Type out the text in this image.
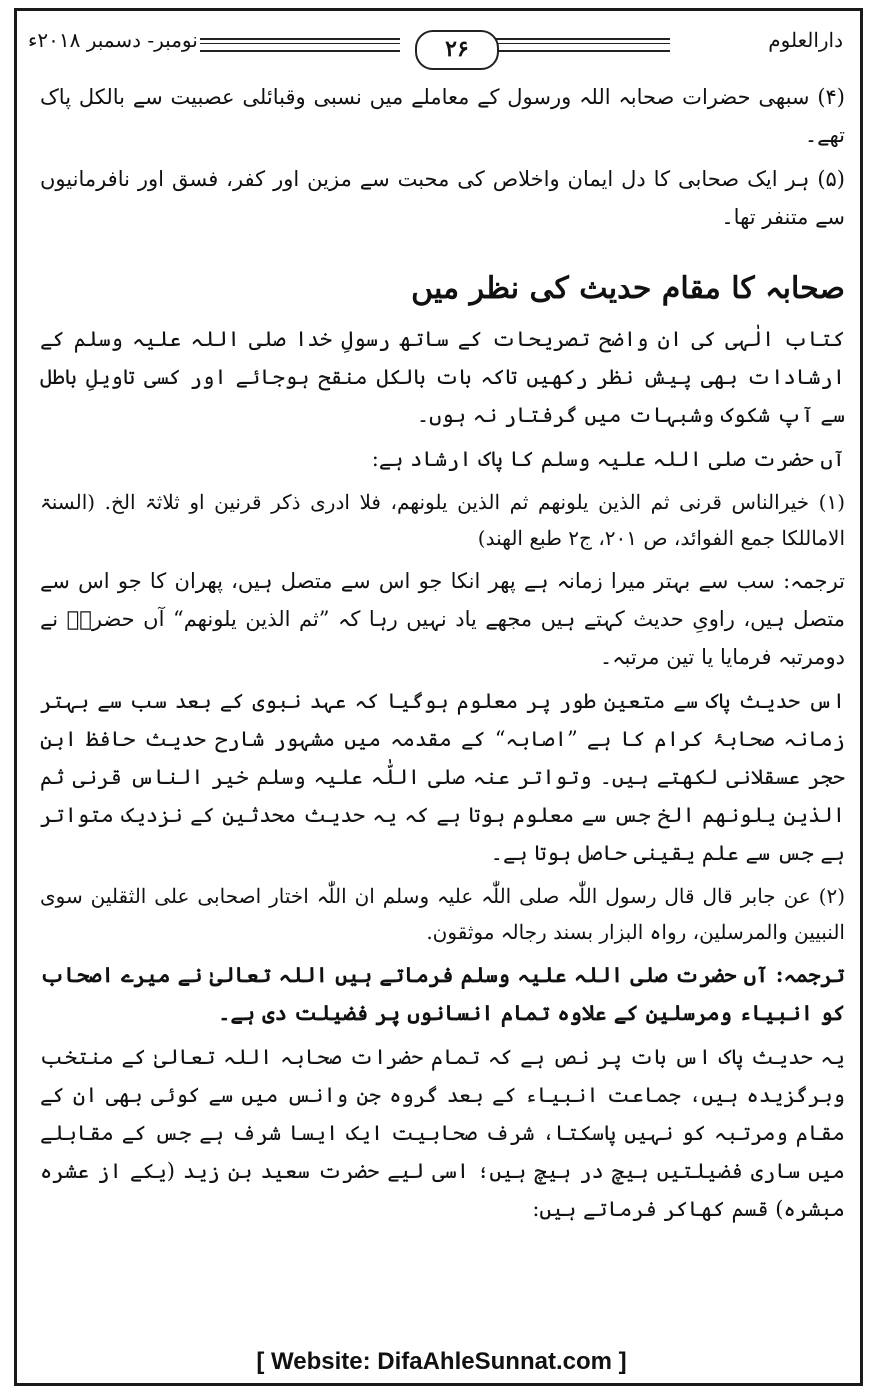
دارالعلوم
۲۶
نومبر- دسمبر ۲۰۱۸ء

(۴) سبھی حضرات صحابہ اللہ ورسول کے معاملے میں نسبی وقبائلی عصبیت سے بالکل پاک تھے۔

(۵) ہر ایک صحابی کا دل ایمان واخلاص کی محبت سے مزین اور کفر، فسق اور نافرمانیوں سے متنفر تھا۔

صحابہ کا مقام حدیث کی نظر میں

کتاب الٰہی کی ان واضح تصریحات کے ساتھ رسولِ خدا صلی اللہ علیہ وسلم کے ارشادات بھی پیش نظر رکھیں تاکہ بات بالکل منقح ہوجائے اور کسی تاویلِ باطل سے آپ شکوک وشبہات میں گرفتار نہ ہوں۔

آں حضرت صلی اللہ علیہ وسلم کا پاک ارشاد ہے:

(۱) خیرالناس قرنی ثم الذین یلونھم ثم الذین یلونھم، فلا ادری ذکر قرنین او ثلاثۃ الخ. (السنۃ الاماللکا جمع الفوائد، ص ۲۰۱، ج۲ طبع الھند)

ترجمہ: سب سے بہتر میرا زمانہ ہے پھر انکا جو اس سے متصل ہیں، پھران کا جو اس سے متصل ہیں، راویِ حدیث کہتے ہیں مجھے یاد نہیں رہا کہ ”ثم الذین یلونھم“ آں حضرتؐ نے دومرتبہ فرمایا یا تین مرتبہ۔

اس حدیث پاک سے متعین طور پر معلوم ہوگیا کہ عہد نبوی کے بعد سب سے بہتر زمانہ صحابۂ کرام کا ہے ”اصابہ“ کے مقدمہ میں مشہور شارح حدیث حافظ ابن حجر عسقلانی لکھتے ہیں۔ وتواتر عنہ صلی اللّٰہ علیہ وسلم خیر الناس قرنی ثم الذین یلونھم الخ جس سے معلوم ہوتا ہے کہ یہ حدیث محدثین کے نزدیک متواتر ہے جس سے علم یقینی حاصل ہوتا ہے۔

(۲) عن جابر قال قال رسول اللّٰہ صلی اللّٰہ علیہ وسلم ان اللّٰہ اختار اصحابی علی الثقلین سوی النبیین والمرسلین، رواہ البزار بسند رجالہ موثقون.

ترجمہ: آں حضرت صلی اللہ علیہ وسلم فرماتے ہیں اللہ تعالیٰ نے میرے اصحاب کو انبیاء ومرسلین کے علاوہ تمام انسانوں پر فضیلت دی ہے۔

یہ حدیث پاک اس بات پر نص ہے کہ تمام حضرات صحابہ اللہ تعالیٰ کے منتخب وبرگزیدہ ہیں، جماعت انبیاء کے بعد گروہ جن وانس میں سے کوئی بھی ان کے مقام ومرتبہ کو نہیں پاسکتا، شرف صحابیت ایک ایسا شرف ہے جس کے مقابلے میں ساری فضیلتیں ہیچ در ہیچ ہیں؛ اسی لیے حضرت سعید بن زید (یکے از عشرہ مبشرہ) قسم کھاکر فرماتے ہیں:

[ Website: DifaAhleSunnat.com ]
